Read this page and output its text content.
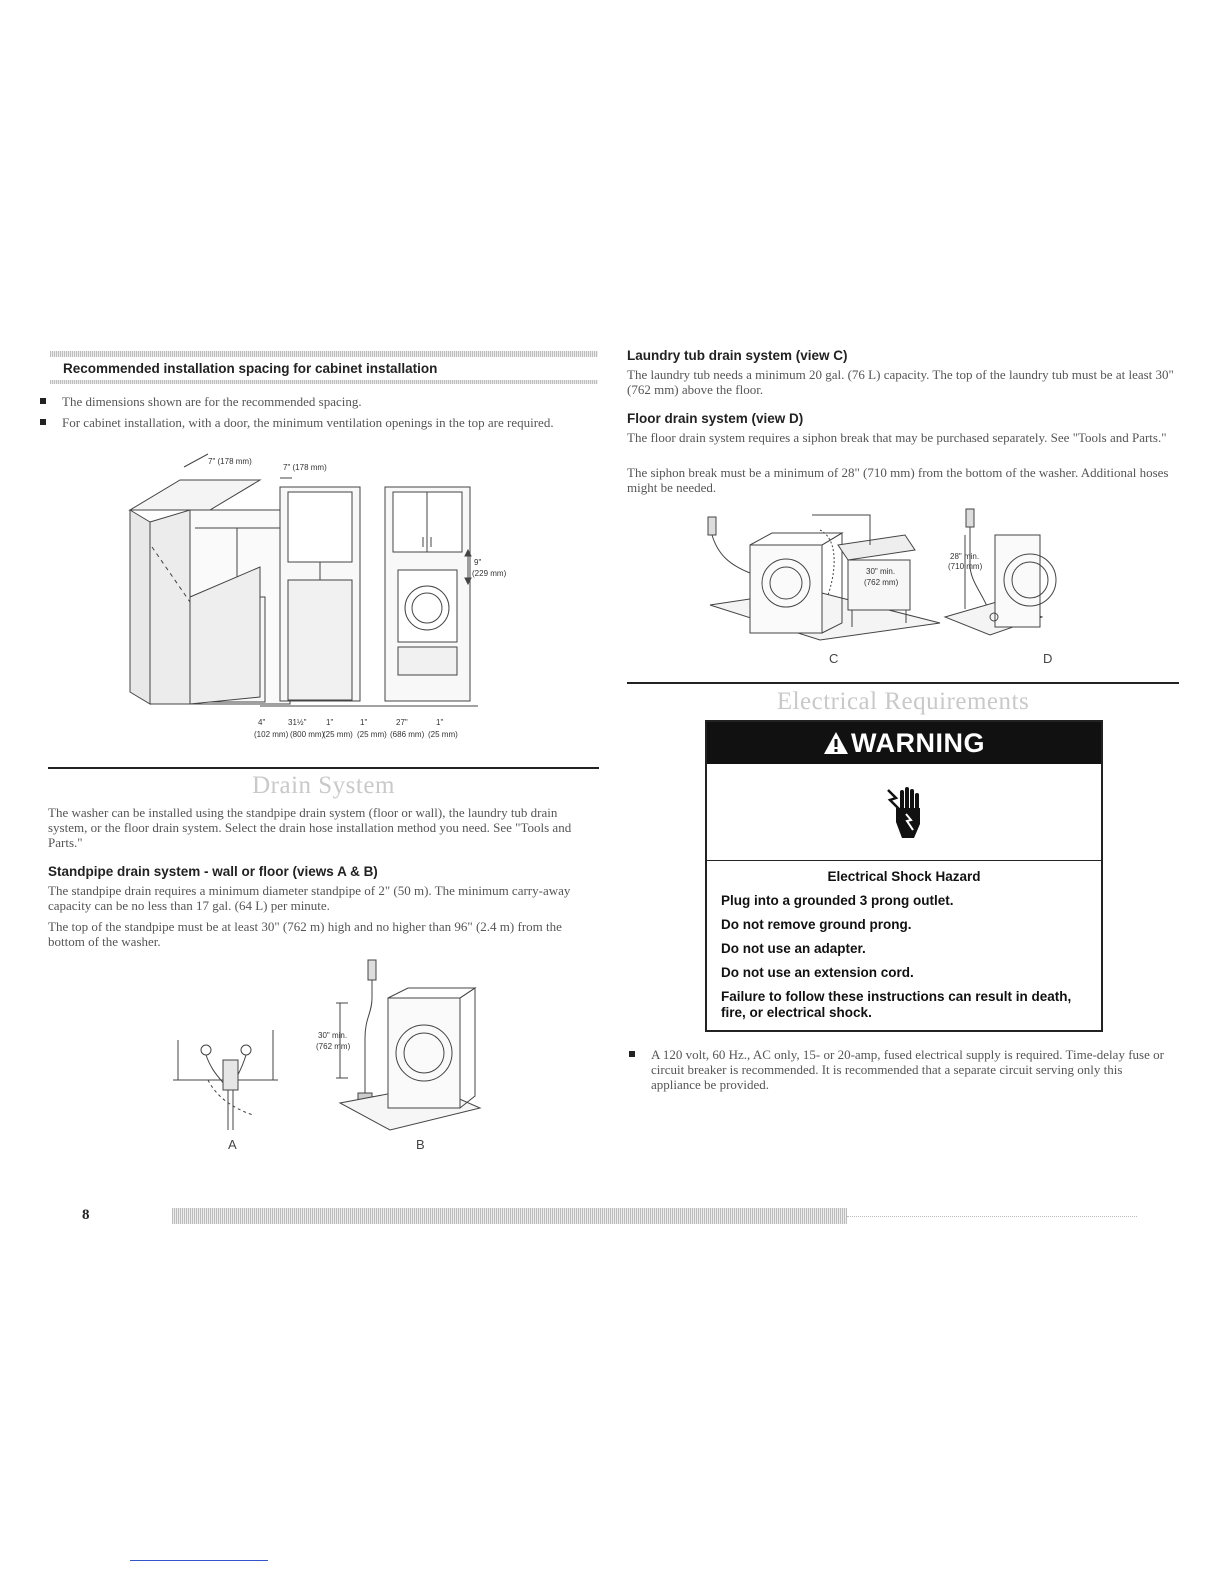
Recommended installation spacing for cabinet installation
The dimensions shown are for the recommended spacing.
For cabinet installation, with a door, the minimum ventilation openings in the top are required.
7" (178 mm)
7" (178 mm)
9"
(229 mm)
4"	31½" 1"	1"	27"	1"
(102 mm) (800 mm)
(25 mm) (25 mm) (686 mm) (25 mm)
Drain System
The washer can be installed using the standpipe drain system (floor or wall), the laundry tub drain system, or the floor drain system. Select the drain hose installation method you need. See "Tools and Parts."
Standpipe drain system - wall or floor (views A & B)
The standpipe drain requires a minimum diameter standpipe of 2" (50 m). The minimum carry-away capacity can be no less than 17 gal. (64 L) per minute.
The top of the standpipe must be at least 30" (762 m) high and no higher than 96" (2.4 m) from the bottom of the washer.
A
30" min.
(762 mm)
B
Laundry tub drain system (view C)
The laundry tub needs a minimum 20 gal. (76 L) capacity. The top of the laundry tub must be at least 30" (762 mm) above the floor.
Floor drain system (view D)
The floor drain system requires a siphon break that may be purchased separately. See "Tools and Parts."
The siphon break must be a minimum of 28" (710 mm) from the bottom of the washer. Additional hoses might be needed.
30" min.
(762 mm)
28" min.
(710 mm)
C	D
Electrical Requirements
WARNING
Electrical Shock Hazard
Plug into a grounded 3 prong outlet.
Do not remove ground prong.
Do not use an adapter.
Do not use an extension cord.
Failure to follow these instructions can result in death, fire, or electrical shock.
A 120 volt, 60 Hz., AC only, 15- or 20-amp, fused electrical supply is required. Time-delay fuse or circuit breaker is recommended. It is recommended that a separate circuit serving only this appliance be provided.
8
